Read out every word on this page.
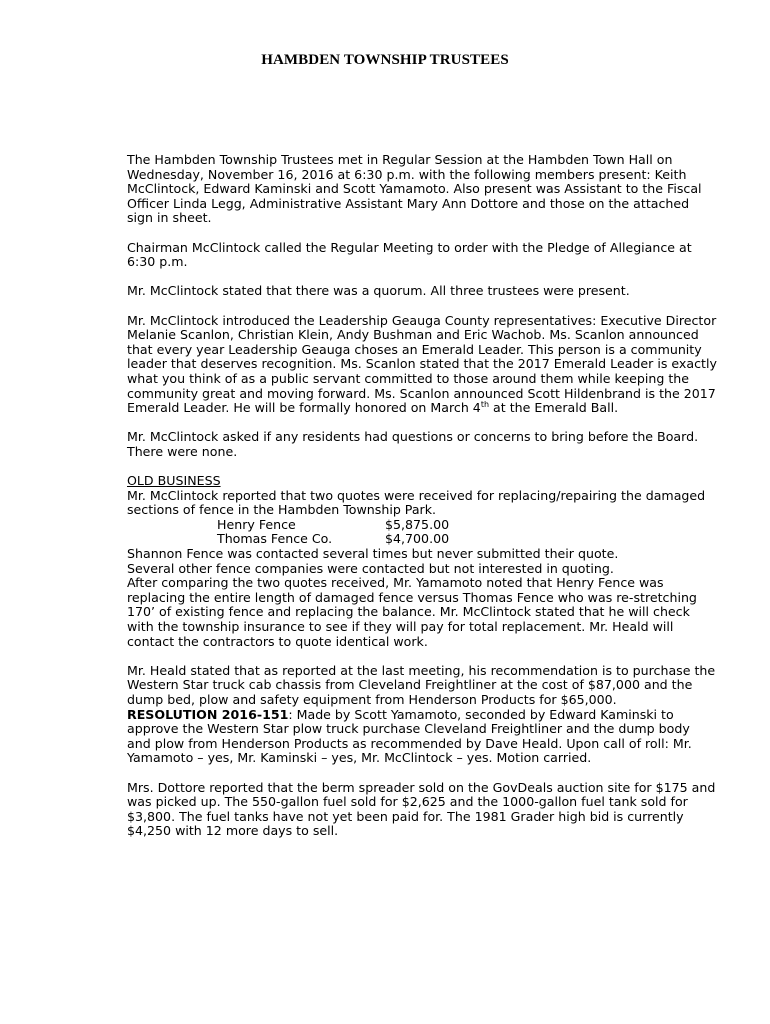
HAMBDEN TOWNSHIP TRUSTEES

The Hambden Township Trustees met in Regular Session at the Hambden Town Hall on Wednesday, November 16, 2016 at 6:30 p.m. with the following members present: Keith McClintock, Edward Kaminski and Scott Yamamoto. Also present was Assistant to the Fiscal Officer Linda Legg, Administrative Assistant Mary Ann Dottore and those on the attached sign in sheet.

Chairman McClintock called the Regular Meeting to order with the Pledge of Allegiance at 6:30 p.m.

Mr. McClintock stated that there was a quorum. All three trustees were present.

Mr. McClintock introduced the Leadership Geauga County representatives: Executive Director Melanie Scanlon, Christian Klein, Andy Bushman and Eric Wachob. Ms. Scanlon announced that every year Leadership Geauga choses an Emerald Leader. This person is a community leader that deserves recognition. Ms. Scanlon stated that the 2017 Emerald Leader is exactly what you think of as a public servant committed to those around them while keeping the community great and moving forward. Ms. Scanlon announced Scott Hildenbrand is the 2017 Emerald Leader. He will be formally honored on March 4th at the Emerald Ball.

Mr. McClintock asked if any residents had questions or concerns to bring before the Board. There were none.

OLD BUSINESS

Mr. McClintock reported that two quotes were received for replacing/repairing the damaged sections of fence in the Hambden Township Park.

Henry Fence	$5,875.00
Thomas Fence Co.	$4,700.00

Shannon Fence was contacted several times but never submitted their quote.

Several other fence companies were contacted but not interested in quoting.

After comparing the two quotes received, Mr. Yamamoto noted that Henry Fence was replacing the entire length of damaged fence versus Thomas Fence who was re-stretching 170’ of existing fence and replacing the balance. Mr. McClintock stated that he will check with the township insurance to see if they will pay for total replacement. Mr. Heald will contact the contractors to quote identical work.

Mr. Heald stated that as reported at the last meeting, his recommendation is to purchase the Western Star truck cab chassis from Cleveland Freightliner at the cost of $87,000 and the dump bed, plow and safety equipment from Henderson Products for $65,000.

RESOLUTION 2016-151: Made by Scott Yamamoto, seconded by Edward Kaminski to approve the Western Star plow truck purchase Cleveland Freightliner and the dump body and plow from Henderson Products as recommended by Dave Heald. Upon call of roll: Mr. Yamamoto – yes, Mr. Kaminski – yes, Mr. McClintock – yes. Motion carried.

Mrs. Dottore reported that the berm spreader sold on the GovDeals auction site for $175 and was picked up. The 550-gallon fuel sold for $2,625 and the 1000-gallon fuel tank sold for $3,800. The fuel tanks have not yet been paid for. The 1981 Grader high bid is currently $4,250 with 12 more days to sell.
